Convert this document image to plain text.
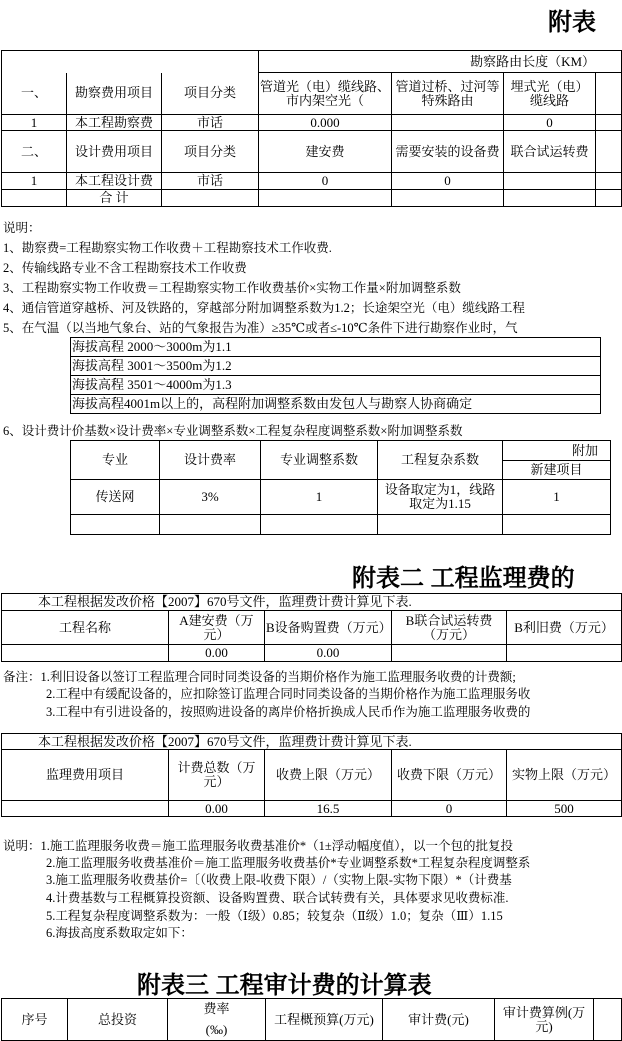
附表
			勘察路由长度（KM）			
一、	勘察费用项目	项目分类	管道光（电）缆线路、市内架空光（	管道过桥、过河等特殊路由	埋式光（电）缆线路	
1	本工程勘察费	市话	0.000		0	
二、	设计费用项目	项目分类	建安费	需要安装的设备费	联合试运转费	
1	本工程设计费	市话	0	0		
	合 计					
说明：
1、勘察费=工程勘察实物工作收费＋工程勘察技术工作收费.
2、传输线路专业不含工程勘察技术工作收费
3、工程勘察实物工作收费＝工程勘察实物工作收费基价×实物工作量×附加调整系数
4、通信管道穿越桥、河及铁路的，穿越部分附加调整系数为1.2；长途架空光（电）缆线路工程
5、在气温（以当地气象台、站的气象报告为准）≥35℃或者≤-10℃条件下进行勘察作业时，气
海拔高程 2000～3000m为1.1
海拔高程 3001～3500m为1.2
海拔高程 3501～4000m为1.3
海拔高程4001m以上的，高程附加调整系数由发包人与勘察人协商确定
6、设计费计价基数×设计费率×专业调整系数×工程复杂程度调整系数×附加调整系数
专业	设计费率	专业调整系数	工程复杂系数	附加
				新建项目
传送网	3%	1	设备取定为1，线路取定为1.15	1

附表二 工程监理费的
本工程根据发改价格【2007】670号文件，监理费计费计算见下表.				
工程名称	A建安费（万元）	B设备购置费（万元）	B联合试运转费（万元）	B利旧费（万元）
	0.00	0.00		
备注：1.利旧设备以签订工程监理合同时同类设备的当期价格作为施工监理服务收费的计费额;
2.工程中有缓配设备的，应扣除签订监理合同时同类设备的当期价格作为施工监理服务收
3.工程中有引进设备的，按照购进设备的离岸价格折换成人民币作为施工监理服务收费的
本工程根据发改价格【2007】670号文件，监理费计费计算见下表.				
监理费用项目	计费总数（万元）	收费上限（万元）	收费下限（万元）	实物上限（万元）
	0.00	16.5	0	500
说明：1.施工监理服务收费＝施工监理服务收费基准价*（1±浮动幅度值），以一个包的批复投
2.施工监理服务收费基准价＝施工监理服务收费基价*专业调整系数*工程复杂程度调整系
3.施工监理服务收费基价=〔（收费上限-收费下限）/（实物上限-实物下限）*（计费基
4.计费基数与工程概算投资额、设备购置费、联合试转费有关，具体要求见收费标准.
5.工程复杂程度调整系数为：一般（Ⅰ级）0.85；较复杂（Ⅱ级）1.0；复杂（Ⅲ）1.15
6.海拔高度系数取定如下：
附表三 工程审计费的计算表
序号	总投资	费率	工程概预算(万元)	审计费(元)	审计费算例(万元)	
(‰)
